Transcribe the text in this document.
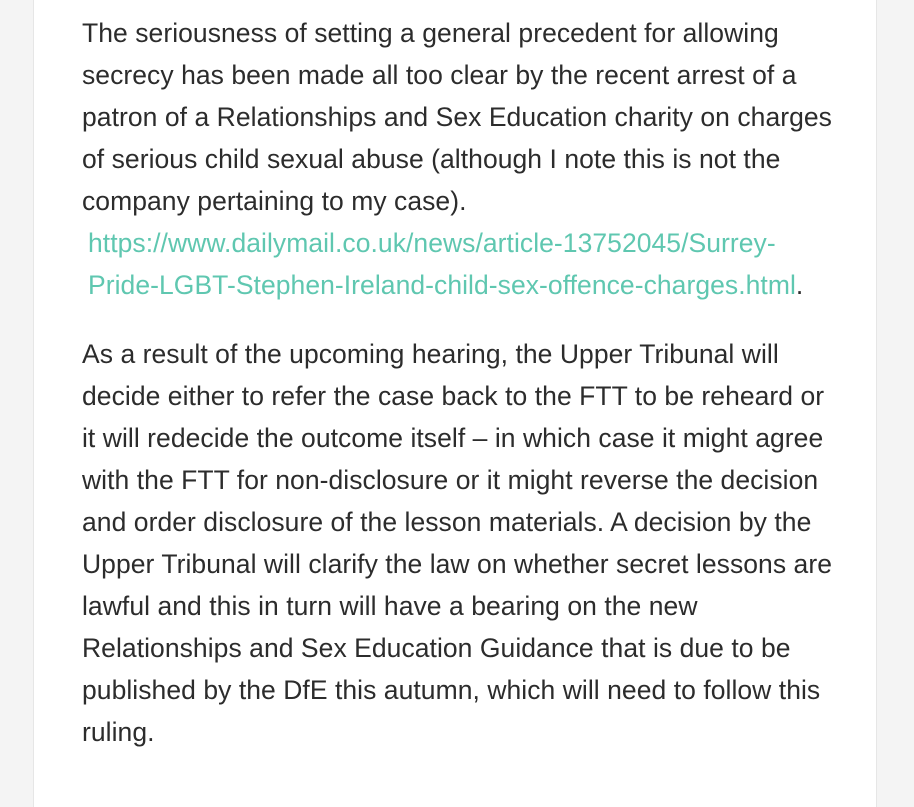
The seriousness of setting a general precedent for allowing secrecy has been made all too clear by the recent arrest of a patron of a Relationships and Sex Education charity on charges of serious child sexual abuse (although I note this is not the company pertaining to my case).
https://www.dailymail.co.uk/news/article-13752045/Surrey-Pride-LGBT-Stephen-Ireland-child-sex-offence-charges.html.

As a result of the upcoming hearing, the Upper Tribunal will decide either to refer the case back to the FTT to be reheard or it will redecide the outcome itself – in which case it might agree with the FTT for non-disclosure or it might reverse the decision and order disclosure of the lesson materials. A decision by the Upper Tribunal will clarify the law on whether secret lessons are lawful and this in turn will have a bearing on the new Relationships and Sex Education Guidance that is due to be published by the DfE this autumn, which will need to follow this ruling.
